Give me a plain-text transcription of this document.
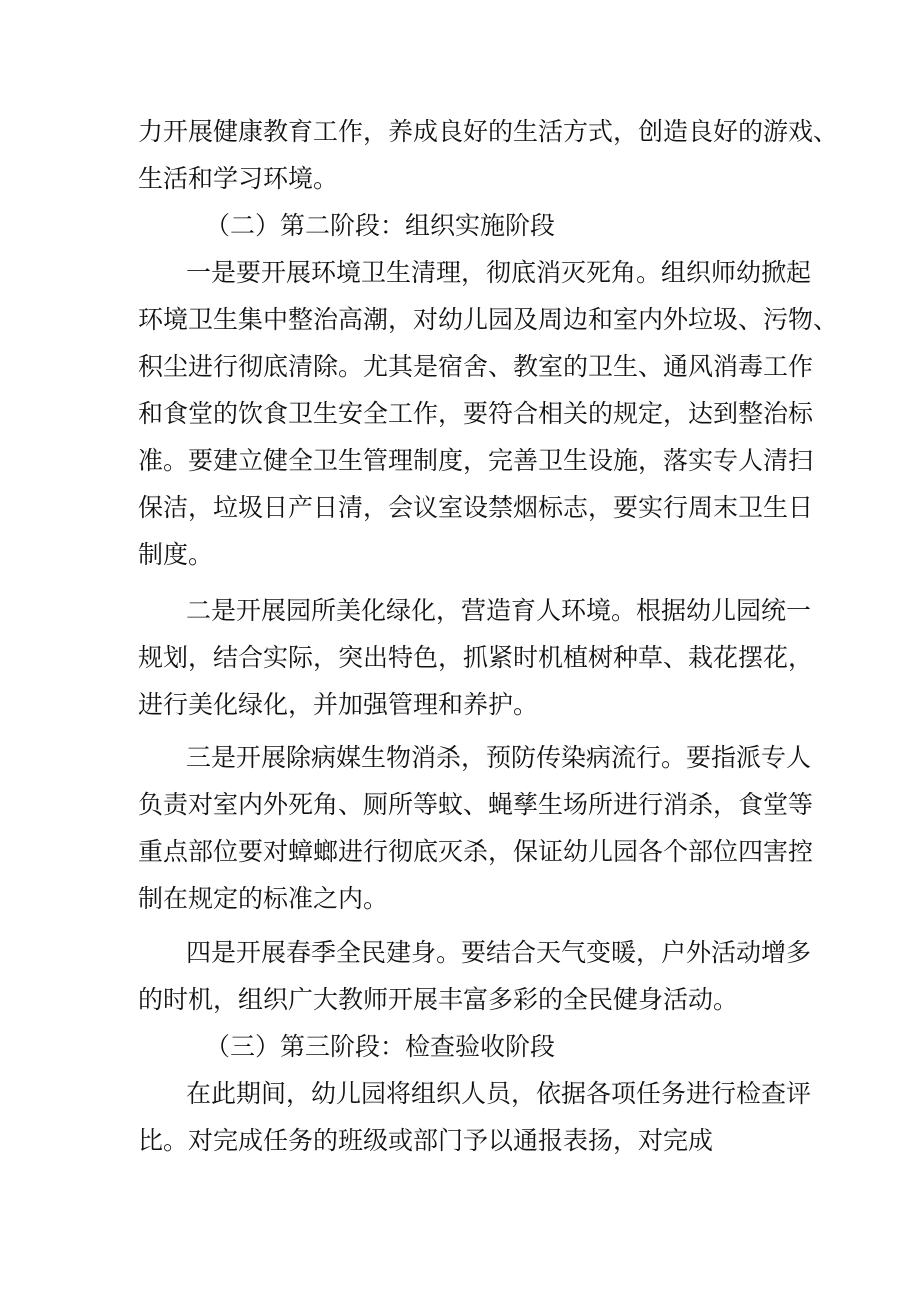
力开展健康教育工作，养成良好的生活方式，创造良好的游戏、
生活和学习环境。
（二）第二阶段：组织实施阶段
一是要开展环境卫生清理，彻底消灭死角。组织师幼掀起
环境卫生集中整治高潮，对幼儿园及周边和室内外垃圾、污物、
积尘进行彻底清除。尤其是宿舍、教室的卫生、通风消毒工作
和食堂的饮食卫生安全工作，要符合相关的规定，达到整治标
准。要建立健全卫生管理制度，完善卫生设施，落实专人清扫
保洁，垃圾日产日清，会议室设禁烟标志，要实行周末卫生日
制度。
二是开展园所美化绿化，营造育人环境。根据幼儿园统一
规划，结合实际，突出特色，抓紧时机植树种草、栽花摆花，
进行美化绿化，并加强管理和养护。
三是开展除病媒生物消杀，预防传染病流行。要指派专人
负责对室内外死角、厕所等蚊、蝇孳生场所进行消杀，食堂等
重点部位要对蟑螂进行彻底灭杀，保证幼儿园各个部位四害控
制在规定的标准之内。
四是开展春季全民建身。要结合天气变暖，户外活动增多
的时机，组织广大教师开展丰富多彩的全民健身活动。
（三）第三阶段：检查验收阶段
在此期间，幼儿园将组织人员，依据各项任务进行检查评
比。对完成任务的班级或部门予以通报表扬，对完成
